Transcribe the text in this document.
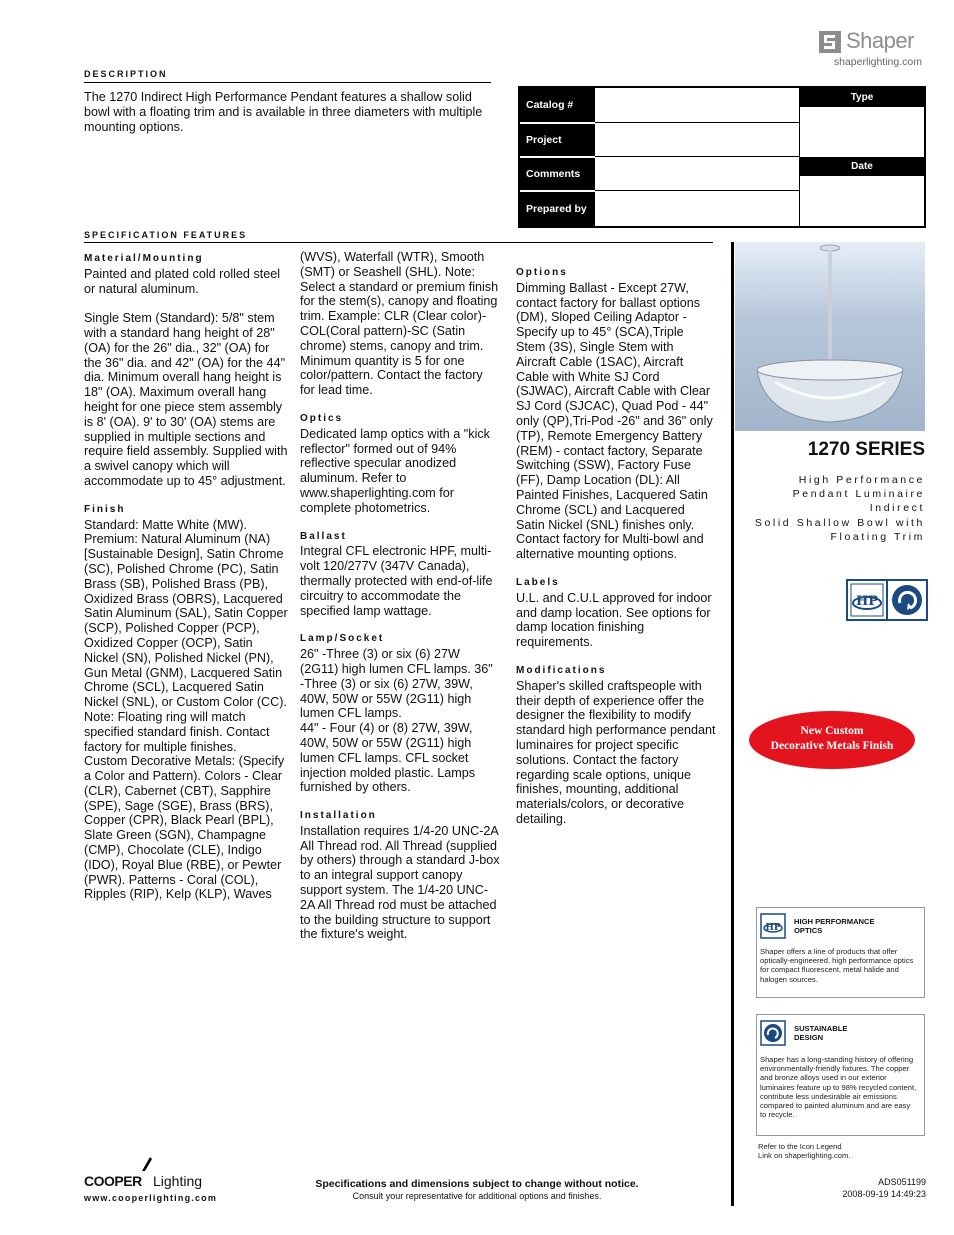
Shaper
shaperlighting.com
DESCRIPTION
The 1270 Indirect High Performance Pendant features a shallow solid bowl with a floating trim and is available in three diameters with multiple mounting options.
Catalog #
Project
Comments
Prepared by
Type
Date
SPECIFICATION FEATURES
Material/Mounting

Painted and plated cold rolled steel or natural aluminum.

Single Stem (Standard): 5/8" stem with a standard hang height of 28" (OA) for the 26" dia., 32" (OA) for the 36" dia. and 42" (OA) for the 44" dia. Minimum overall hang height is 18" (OA). Maximum overall hang height for one piece stem assembly is 8' (OA). 9' to 30' (OA) stems are supplied in multiple sections and require field assembly. Supplied with a swivel canopy which will accommodate up to 45° adjustment.

Finish

Standard: Matte White (MW). Premium: Natural Aluminum (NA) [Sustainable Design], Satin Chrome (SC), Polished Chrome (PC), Satin Brass (SB), Polished Brass (PB), Oxidized Brass (OBRS), Lacquered Satin Aluminum (SAL), Satin Copper (SCP), Polished Copper (PCP), Oxidized Copper (OCP), Satin Nickel (SN), Polished Nickel (PN), Gun Metal (GNM), Lacquered Satin Chrome (SCL), Lacquered Satin Nickel (SNL), or Custom Color (CC). Note: Floating ring will match specified standard finish. Contact factory for multiple finishes.
Custom Decorative Metals: (Specify a Color and Pattern). Colors - Clear (CLR), Cabernet (CBT), Sapphire (SPE), Sage (SGE), Brass (BRS), Copper (CPR), Black Pearl (BPL), Slate Green (SGN), Champagne (CMP), Chocolate (CLE), Indigo (IDO), Royal Blue (RBE), or Pewter (PWR). Patterns - Coral (COL), Ripples (RIP), Kelp (KLP), Waves

(WVS), Waterfall (WTR), Smooth (SMT) or Seashell (SHL). Note: Select a standard or premium finish for the stem(s), canopy and floating trim. Example: CLR (Clear color)-COL(Coral pattern)-SC (Satin chrome) stems, canopy and trim. Minimum quantity is 5 for one color/pattern. Contact the factory for lead time.

Optics

Dedicated lamp optics with a "kick reflector" formed out of 94% reflective specular anodized aluminum. Refer to www.shaperlighting.com for complete photometrics.

Ballast

Integral CFL electronic HPF, multi-volt 120/277V (347V Canada), thermally protected with end-of-life circuitry to accommodate the specified lamp wattage.

Lamp/Socket

26" -Three (3) or six (6) 27W (2G11) high lumen CFL lamps. 36" -Three (3) or six (6) 27W, 39W, 40W, 50W or 55W (2G11) high lumen CFL lamps.
44" - Four (4) or (8) 27W, 39W, 40W, 50W or 55W (2G11) high lumen CFL lamps. CFL socket injection molded plastic. Lamps furnished by others.

Installation

Installation requires 1/4-20 UNC-2A All Thread rod. All Thread (supplied by others) through a standard J-box to an integral support canopy support system. The 1/4-20 UNC-2A All Thread rod must be attached to the building structure to support the fixture's weight.

Options

Dimming Ballast - Except 27W, contact factory for ballast options (DM), Sloped Ceiling Adaptor - Specify up to 45° (SCA),Triple Stem (3S), Single Stem with Aircraft Cable (1SAC), Aircraft Cable with White SJ Cord (SJWAC), Aircraft Cable with Clear SJ Cord (SJCAC), Quad Pod - 44" only (QP),Tri-Pod -26" and 36" only (TP), Remote Emergency Battery (REM) - contact factory, Separate Switching (SSW), Factory Fuse (FF), Damp Location (DL): All Painted Finishes, Lacquered Satin Chrome (SCL) and Lacquered Satin Nickel (SNL) finishes only. Contact factory for Multi-bowl and alternative mounting options.

Labels

U.L. and C.U.L approved for indoor and damp location. See options for damp location finishing requirements.

Modifications

Shaper's skilled craftspeople with their depth of experience offer the designer the flexibility to modify standard high performance pendant luminaires for project specific solutions. Contact the factory regarding scale options, unique finishes, mounting, additional materials/colors, or decorative detailing.

1270 SERIES
High Performance
Pendant Luminaire
Indirect
Solid Shallow Bowl with
Floating Trim
HP
New Custom
Decorative Metals Finish
HP
HIGH PERFORMANCE OPTICS
Shaper offers a line of products that offer optically-engineered, high performance optics for compact fluorescent, metal halide and halogen sources.
SUSTAINABLE DESIGN
Shaper has a long-standing history of offering environmentally-friendly fixtures. The copper and bronze alloys used in our exterior luminaires feature up to 98% recycled content, contribute less undesirable air emissions compared to painted aluminum and are easy to recycle.
Refer to the Icon Legend
Link on shaperlighting.com.
COOPER Lighting
www.cooperlighting.com
Specifications and dimensions subject to change without notice.
Consult your representative for additional options and finishes.
ADS051199
2008-09-19 14:49:23
